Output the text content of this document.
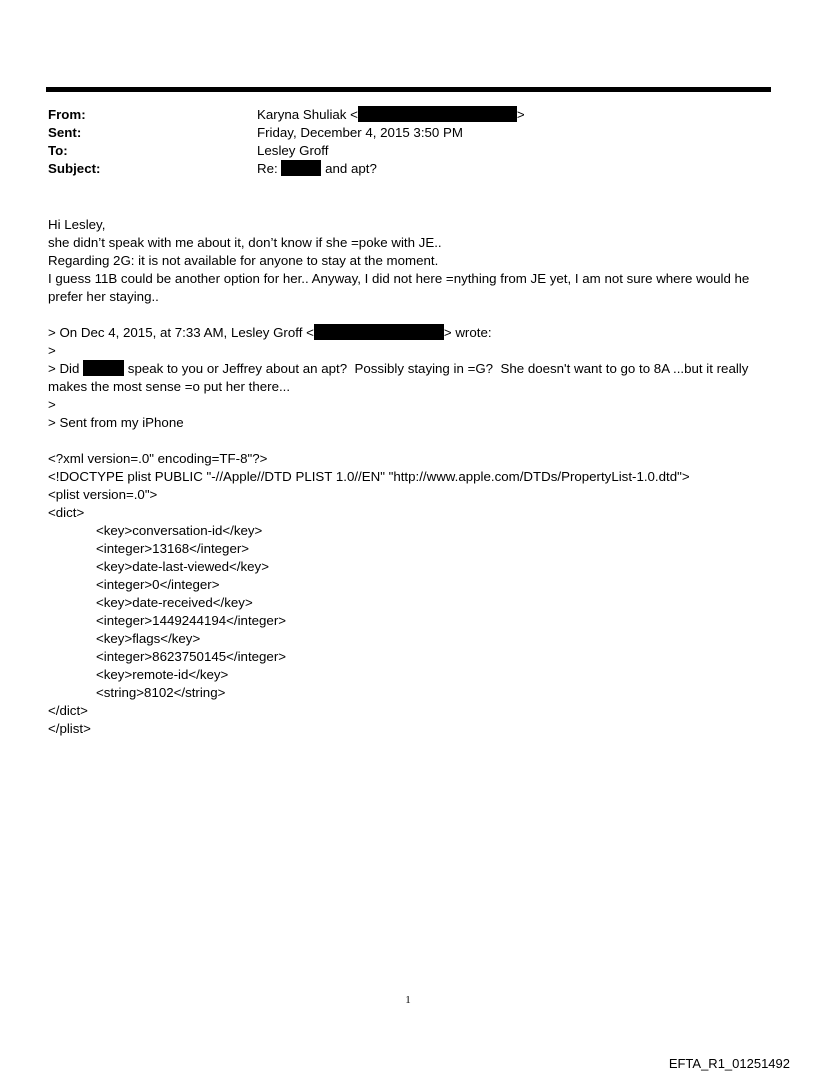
From:	Karyna Shuliak <	>
Sent:	Friday, December 4, 2015 3:50 PM
To:	Lesley Groff
Subject:	Re:	and apt?
Hi Lesley,
she didn’t speak with me about it, don’t know if she =poke with JE..
Regarding 2G: it is not available for anyone to stay at the moment.
I guess 11B could be another option for her.. Anyway, I did not here =nything from JE yet, I am not sure where would he prefer her staying..
> On Dec 4, 2015, at 7:33 AM, Lesley Groff <	> wrote:
>
> Did	speak to you or Jeffrey about an apt?  Possibly staying in =G?  She doesn't want to go to 8A ...but it really makes the most sense =o put her there...
>
> Sent from my iPhone
<?xml version=.0" encoding=TF-8"?>
<!DOCTYPE plist PUBLIC "-//Apple//DTD PLIST 1.0//EN" "http://www.apple.com/DTDs/PropertyList-1.0.dtd">
<plist version=.0">
<dict>
<key>conversation-id</key>
<integer>13168</integer>
<key>date-last-viewed</key>
<integer>0</integer>
<key>date-received</key>
<integer>1449244194</integer>
<key>flags</key>
<integer>8623750145</integer>
<key>remote-id</key>
<string>8102</string>
</dict>
</plist>
1
EFTA_R1_01251492
